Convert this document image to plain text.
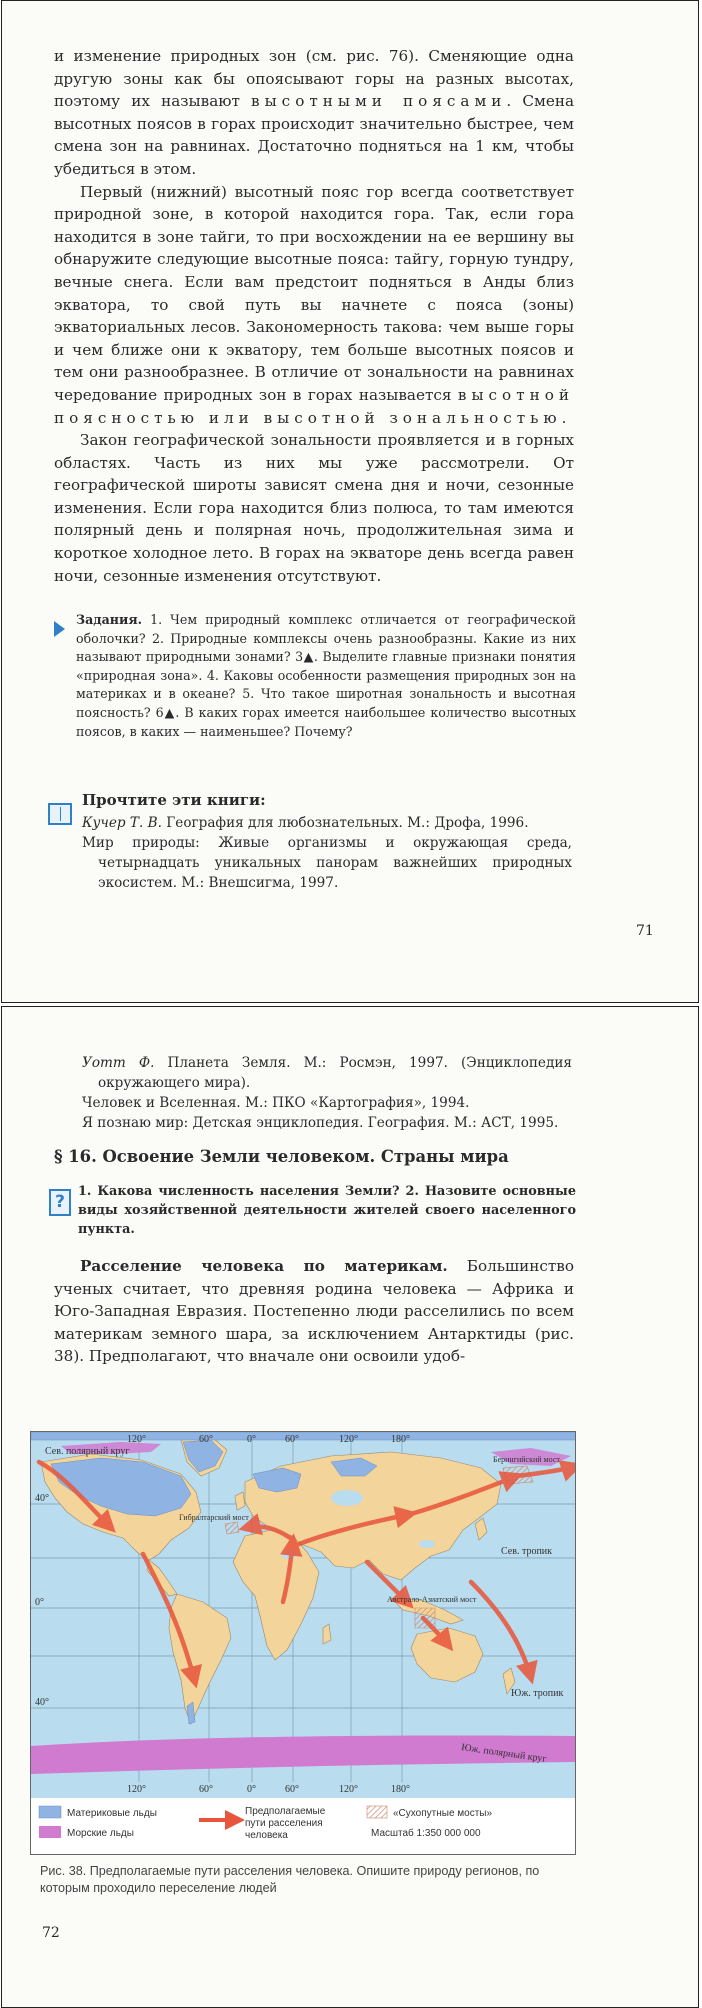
и изменение природных зон (см. рис. 76). Сменяющие одна другую зоны как бы опоясывают горы на разных высотах, поэтому их называют высотными поясами. Смена высотных поясов в горах происходит значительно быстрее, чем смена зон на равнинах. Достаточно подняться на 1 км, чтобы убедиться в этом.

Первый (нижний) высотный пояс гор всегда соответствует природной зоне, в которой находится гора. Так, если гора находится в зоне тайги, то при восхождении на ее вершину вы обнаружите следующие высотные пояса: тайгу, горную тундру, вечные снега. Если вам предстоит подняться в Анды близ экватора, то свой путь вы начнете с пояса (зоны) экваториальных лесов. Закономерность такова: чем выше горы и чем ближе они к экватору, тем больше высотных поясов и тем они разнообразнее. В отличие от зональности на равнинах чередование природных зон в горах называется высотной поясностью или высотной зональностью.

Закон географической зональности проявляется и в горных областях. Часть из них мы уже рассмотрели. От географической широты зависят смена дня и ночи, сезонные изменения. Если гора находится близ полюса, то там имеются полярный день и полярная ночь, продолжительная зима и короткое холодное лето. В горах на экваторе день всегда равен ночи, сезонные изменения отсутствуют.

Задания. 1. Чем природный комплекс отличается от географической оболочки? 2. Природные комплексы очень разнообразны. Какие из них называют природными зонами? 3▲. Выделите главные признаки понятия «природная зона». 4. Каковы особенности размещения природных зон на материках и в океане? 5. Что такое широтная зональность и высотная поясность? 6▲. В каких горах имеется наибольшее количество высотных поясов, в каких — наименьшее? Почему?
Прочтите эти книги:

Кучер Т. В. География для любознательных. М.: Дрофа, 1996.

Мир природы: Живые организмы и окружающая среда, четырнадцать уникальных панорам важнейших природных экосистем. М.: Внешсигма, 1997.

71

Уотт Ф. Планета Земля. М.: Росмэн, 1997. (Энциклопедия окружающего мира).

Человек и Вселенная. М.: ПКО «Картография», 1994.

Я познаю мир: Детская энциклопедия. География. М.: АСТ, 1995.

§ 16. Освоение Земли человеком. Страны мира
?
1. Какова численность населения Земли? 2. Назовите основные виды хозяйственной деятельности жителей своего населенного пункта.

Расселение человека по материкам. Большинство ученых считает, что древняя родина человека — Африка и Юго-Западная Евразия. Постепенно люди расселились по всем материкам земного шара, за исключением Антарктиды (рис. 38). Предполагают, что вначале они освоили удоб-

120°	60°	0°	60°	120°	180°
40°
0°
40°
120°	60°	0°	60°	120°	180°
Сев. полярный круг
Сев. тропик
Юж. тропик
Юж. полярный круг
Берингийский мост
Гибралтарский мост
Австрало-Азиатский мост
Материковые льды
Морские льды
Предполагаемые пути расселения человека
«Сухопутные мосты»
Масштаб 1:350 000 000
Рис. 38. Предполагаемые пути расселения человека. Опишите природу регионов, по которым проходило переселение людей
72
